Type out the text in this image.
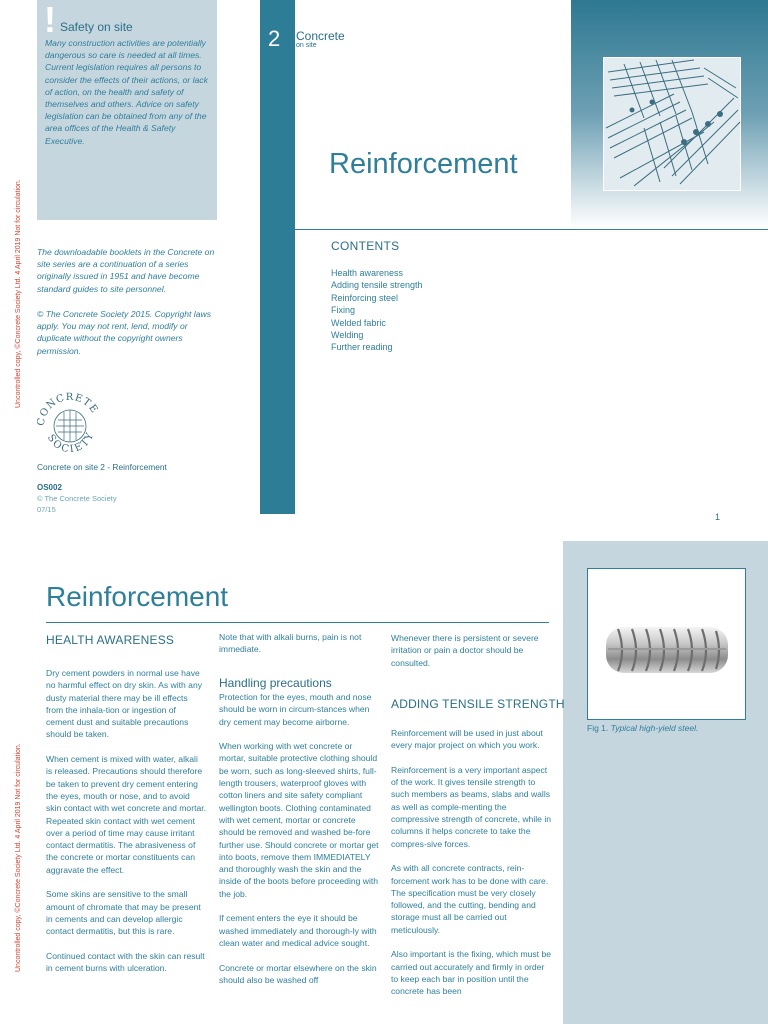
! Safety on site
Many construction activities are potentially dangerous so care is needed at all times. Current legislation requires all persons to consider the effects of their actions, or lack of action, on the health and safety of themselves and others. Advice on safety legislation can be obtained from any of the area offices of the Health & Safety Executive.
2 Concrete
on site
Reinforcement
CONTENTS
Health awareness
Adding tensile strength
Reinforcing steel
Fixing
Welded fabric
Welding
Further reading
The downloadable booklets in the Concrete on site series are a continuation of a series originally issued in 1951 and have become standard guides to site personnel.
© The Concrete Society 2015. Copyright laws apply. You may not rent, lend, modify or duplicate without the copyright owners permission.
CONCRETE
SOCIETY
Concrete on site 2 - Reinforcement
OS002
© The Concrete Society
07/15
1
Uncontrolled copy, ©Concrete Society Ltd. 4 April 2019 Not for circulation.
Fig 1. Typical high-yield steel.
Reinforcement
HEALTH AWARENESS

Dry cement powders in normal use have no harmful effect on dry skin. As with any dusty material there may be ill effects from the inhala-tion or ingestion of cement dust and suitable precautions should be taken.

When cement is mixed with water, alkali is released. Precautions should therefore be taken to prevent dry cement entering the eyes, mouth or nose, and to avoid skin contact with wet concrete and mortar. Repeated skin contact with wet cement over a period of time may cause irritant contact dermatitis. The abrasiveness of the concrete or mortar constituents can aggravate the effect.

Some skins are sensitive to the small amount of chromate that may be present in cements and can develop allergic contact dermatitis, but this is rare.

Continued contact with the skin can result in cement burns with ulceration.

Note that with alkali burns, pain is not immediate.

Handling precautions

Protection for the eyes, mouth and nose should be worn in circum-stances when dry cement may become airborne.

When working with wet concrete or mortar, suitable protective clothing should be worn, such as long-sleeved shirts, full-length trousers, waterproof gloves with cotton liners and site safety compliant wellington boots. Clothing contaminated with wet cement, mortar or concrete should be removed and washed be-fore further use. Should concrete or mortar get into boots, remove them IMMEDIATELY and thoroughly wash the skin and the inside of the boots before proceeding with the job.

If cement enters the eye it should be washed immediately and thorough-ly with clean water and medical advice sought.

Concrete or mortar elsewhere on the skin should also be washed off

Whenever there is persistent or severe irritation or pain a doctor should be consulted.

ADDING TENSILE STRENGTH

Reinforcement will be used in just about every major project on which you work.

Reinforcement is a very important aspect of the work. It gives tensile strength to such members as beams, slabs and walls as well as comple-menting the compressive strength of concrete, while in columns it helps concrete to take the compres-sive forces.

As with all concrete contracts, rein-forcement work has to be done with care. The specification must be very closely followed, and the cutting, bending and storage must all be carried out meticulously.

Also important is the fixing, which must be carried out accurately and firmly in order to keep each bar in position until the concrete has been

Uncontrolled copy, ©Concrete Society Ltd. 4 April 2019 Not for circulation.
